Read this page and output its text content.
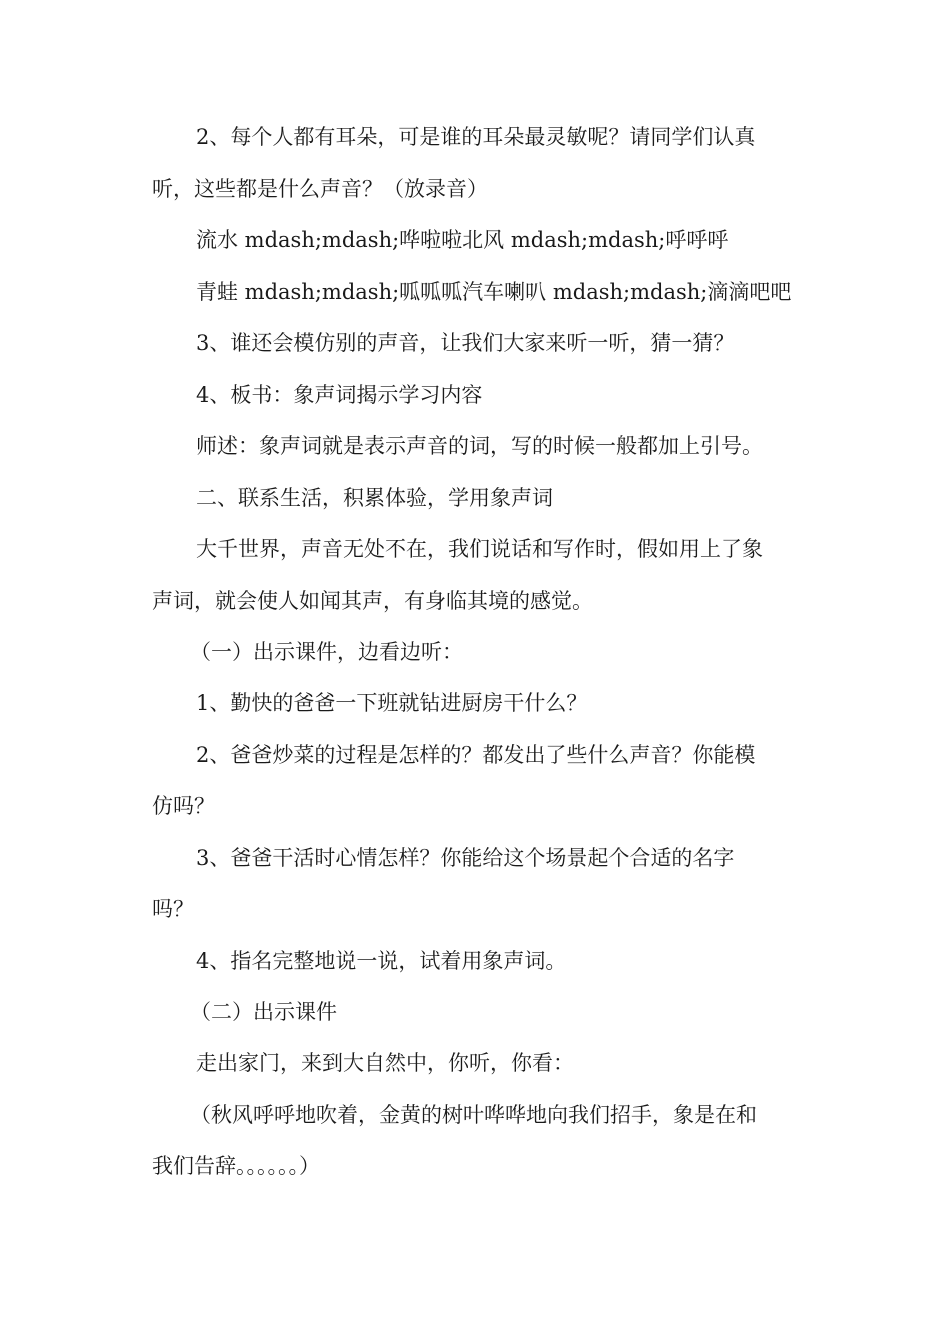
2、每个人都有耳朵，可是谁的耳朵最灵敏呢？请同学们认真
听，这些都是什么声音？（放录音）
流水 mdash;mdash;哗啦啦北风 mdash;mdash;呼呼呼
青蛙 mdash;mdash;呱呱呱汽车喇叭 mdash;mdash;滴滴吧吧
3、谁还会模仿别的声音，让我们大家来听一听，猜一猜？
4、板书：象声词揭示学习内容
师述：象声词就是表示声音的词，写的时候一般都加上引号。
二、联系生活，积累体验，学用象声词
大千世界，声音无处不在，我们说话和写作时，假如用上了象
声词，就会使人如闻其声，有身临其境的感觉。
（一）出示课件，边看边听：
1、勤快的爸爸一下班就钻进厨房干什么？
2、爸爸炒菜的过程是怎样的？都发出了些什么声音？你能模
仿吗？
3、爸爸干活时心情怎样？你能给这个场景起个合适的名字
吗？
4、指名完整地说一说，试着用象声词。
（二）出示课件
走出家门，来到大自然中，你听，你看：
（秋风呼呼地吹着，金黄的树叶哗哗地向我们招手，象是在和
我们告辞。。。。。。）
